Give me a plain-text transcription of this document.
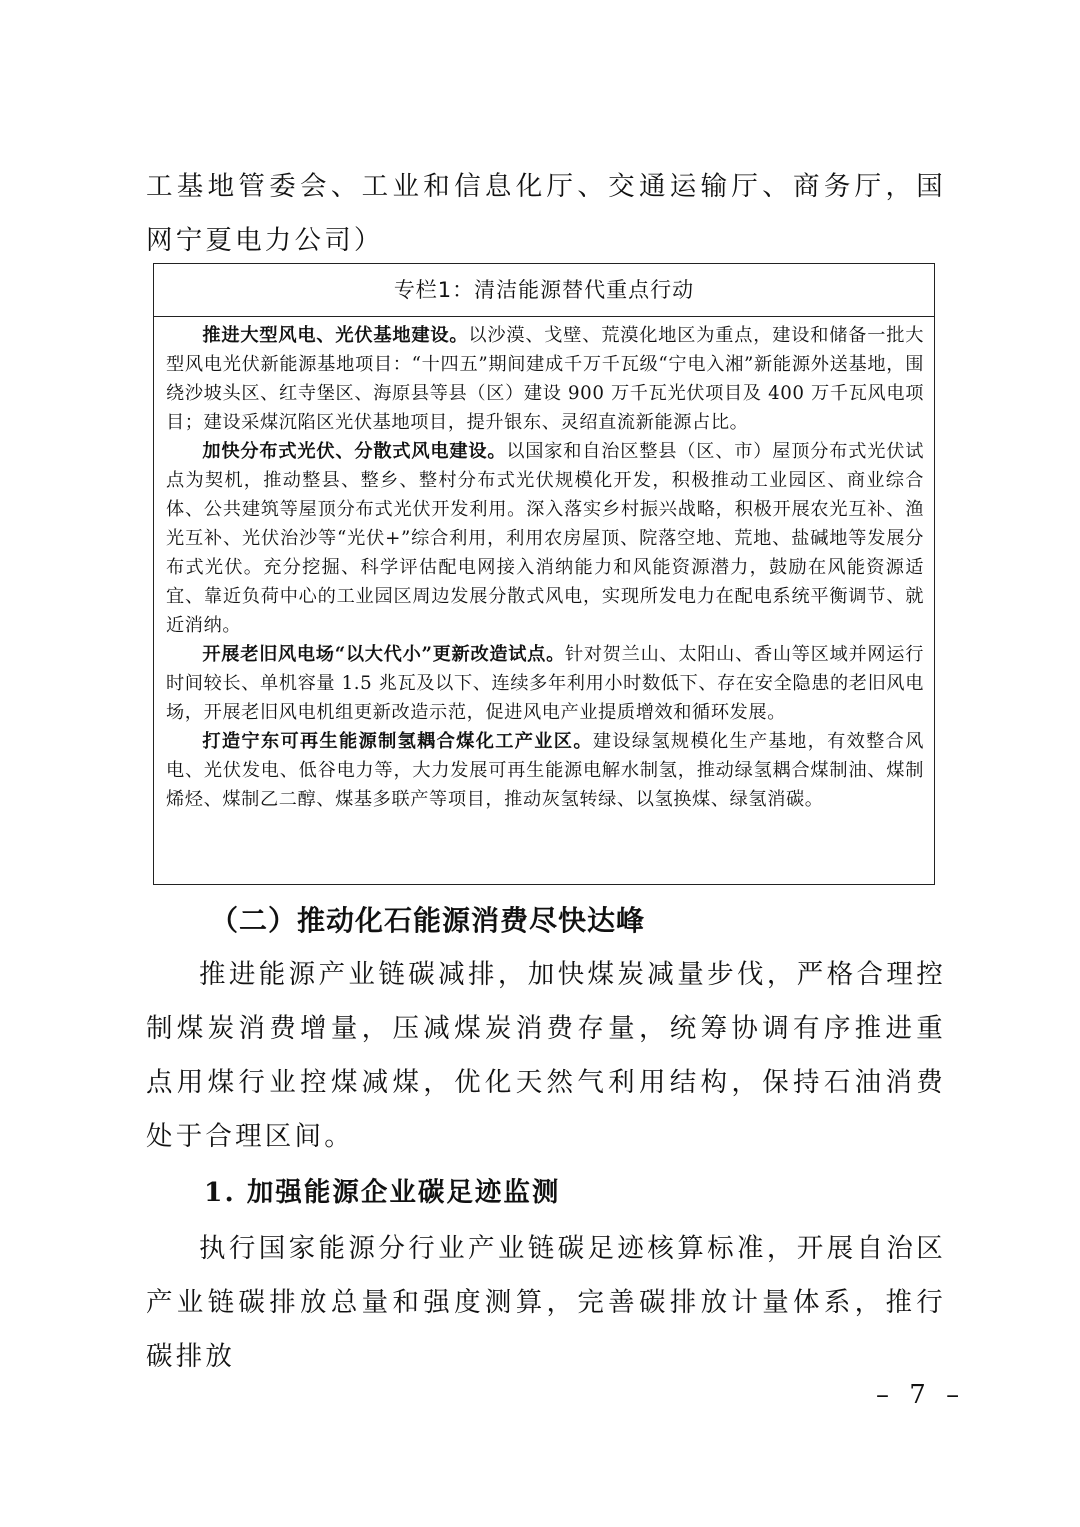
工基地管委会、工业和信息化厅、交通运输厅、商务厅，国网宁夏电力公司）

专栏1：清洁能源替代重点行动

推进大型风电、光伏基地建设。以沙漠、戈壁、荒漠化地区为重点，建设和储备一批大型风电光伏新能源基地项目：“十四五”期间建成千万千瓦级“宁电入湘”新能源外送基地，围绕沙坡头区、红寺堡区、海原县等县（区）建设 900 万千瓦光伏项目及 400 万千瓦风电项目；建设采煤沉陷区光伏基地项目，提升银东、灵绍直流新能源占比。

加快分布式光伏、分散式风电建设。以国家和自治区整县（区、市）屋顶分布式光伏试点为契机，推动整县、整乡、整村分布式光伏规模化开发，积极推动工业园区、商业综合体、公共建筑等屋顶分布式光伏开发利用。深入落实乡村振兴战略，积极开展农光互补、渔光互补、光伏治沙等“光伏+”综合利用，利用农房屋顶、院落空地、荒地、盐碱地等发展分布式光伏。充分挖掘、科学评估配电网接入消纳能力和风能资源潜力，鼓励在风能资源适宜、靠近负荷中心的工业园区周边发展分散式风电，实现所发电力在配电系统平衡调节、就近消纳。

开展老旧风电场“以大代小”更新改造试点。针对贺兰山、太阳山、香山等区域并网运行时间较长、单机容量 1.5 兆瓦及以下、连续多年利用小时数低下、存在安全隐患的老旧风电场，开展老旧风电机组更新改造示范，促进风电产业提质增效和循环发展。

打造宁东可再生能源制氢耦合煤化工产业区。建设绿氢规模化生产基地，有效整合风电、光伏发电、低谷电力等，大力发展可再生能源电解水制氢，推动绿氢耦合煤制油、煤制烯烃、煤制乙二醇、煤基多联产等项目，推动灰氢转绿、以氢换煤、绿氢消碳。

（二）推动化石能源消费尽快达峰

推进能源产业链碳减排，加快煤炭减量步伐，严格合理控制煤炭消费增量，压减煤炭消费存量，统筹协调有序推进重点用煤行业控煤减煤，优化天然气利用结构，保持石油消费处于合理区间。

1. 加强能源企业碳足迹监测

执行国家能源分行业产业链碳足迹核算标准，开展自治区产业链碳排放总量和强度测算，完善碳排放计量体系，推行碳排放

– 7 –
